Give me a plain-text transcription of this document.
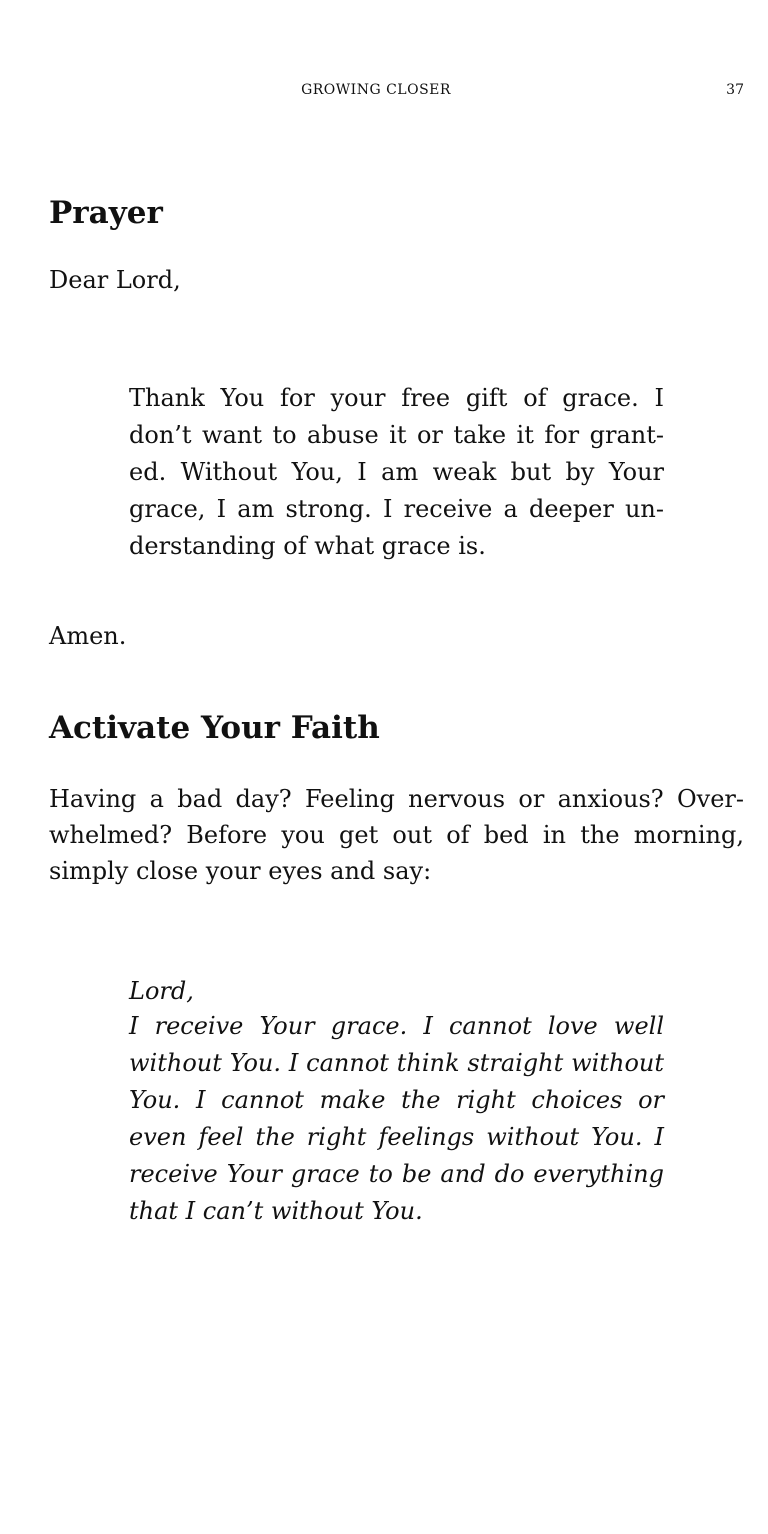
GROWING CLOSER	37
Prayer

Dear Lord,

Thank You for your free gift of grace. I don’t want to abuse it or take it for granted. Without You, I am weak but by Your grace, I am strong. I receive a deeper understanding of what grace is.

Amen.

Activate Your Faith

Having a bad day? Feeling nervous or anxious? Overwhelmed? Before you get out of bed in the morning, simply close your eyes and say:

Lord,

I receive Your grace. I cannot love well without You. I cannot think straight without You. I cannot make the right choices or even feel the right feelings without You. I receive Your grace to be and do everything that I can’t without You.
